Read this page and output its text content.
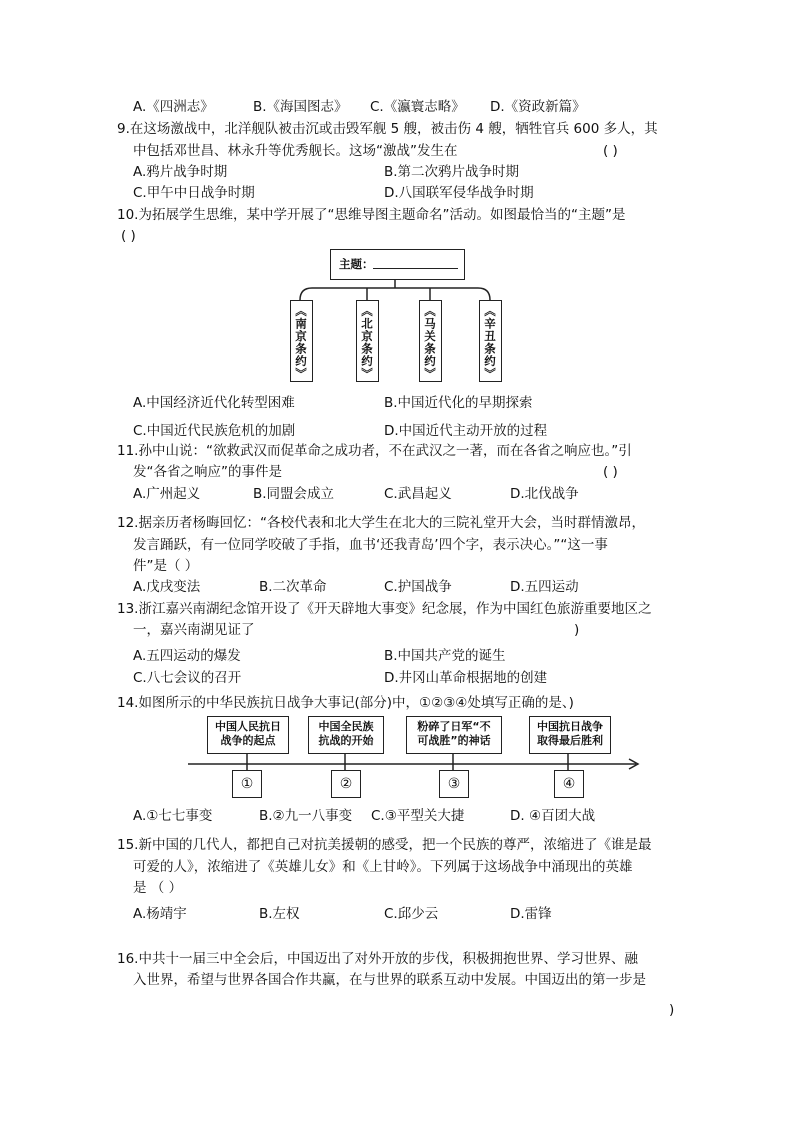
A.《四洲志》	B.《海国图志》 C.《瀛寰志略》 D.《资政新篇》
9.在这场激战中，北洋舰队被击沉或击毁军舰 5 艘，被击伤 4 艘，牺牲官兵 600 多人，其
中包括邓世昌、林永升等优秀舰长。这场“激战”发生在	( )
A.鸦片战争时期	B.第二次鸦片战争时期
C.甲午中日战争时期	D.八国联军侵华战争时期
10.为拓展学生思维，某中学开展了“思维导图主题命名”活动。如图最恰当的“主题”是
( )
主题：
《南京条约》	《北京条约》	《马关条约》	《辛丑条约》
A.中国经济近代化转型困难	B.中国近代化的早期探索
C.中国近代民族危机的加剧	D.中国近代主动开放的过程
11.孙中山说：“欲救武汉而促革命之成功者，不在武汉之一著，而在各省之响应也。”引
发“各省之响应”的事件是	( )
A.广州起义	B.同盟会成立	C.武昌起义	D.北伐战争
12.据亲历者杨晦回忆：“各校代表和北大学生在北大的三院礼堂开大会，当时群情激昂，
发言踊跃，有一位同学咬破了手指，血书‘还我青岛’四个字，表示决心。”“这一事
件”是（ ）
A.戊戌变法	B.二次革命	C.护国战争	D.五四运动
13.浙江嘉兴南湖纪念馆开设了《开天辟地大事变》纪念展，作为中国红色旅游重要地区之
一，嘉兴南湖见证了	)
A.五四运动的爆发	B.中国共产党的诞生
C.八七会议的召开	D.井冈山革命根据地的创建
14.如图所示的中华民族抗日战争大事记(部分)中，①②③④处填写正确的是、)
中国人民抗日
战争的起点
中国全民族
抗战的开始
粉碎了日军“不
可战胜”的神话
中国抗日战争
取得最后胜利
①	②	③	④
A.①七七事变	B.②九一八事变 C.③平型关大捷	D. ④百团大战
15.新中国的几代人，都把自己对抗美援朝的感受，把一个民族的尊严，浓缩进了《谁是最
可爱的人》，浓缩进了《英雄儿女》和《上甘岭》。下列属于这场战争中涌现出的英雄
是 （ ）
A.杨靖宇	B.左权	C.邱少云	D.雷锋
16.中共十一届三中全会后，中国迈出了对外开放的步伐，积极拥抱世界、学习世界、融
入世界，希望与世界各国合作共赢，在与世界的联系互动中发展。中国迈出的第一步是
)
